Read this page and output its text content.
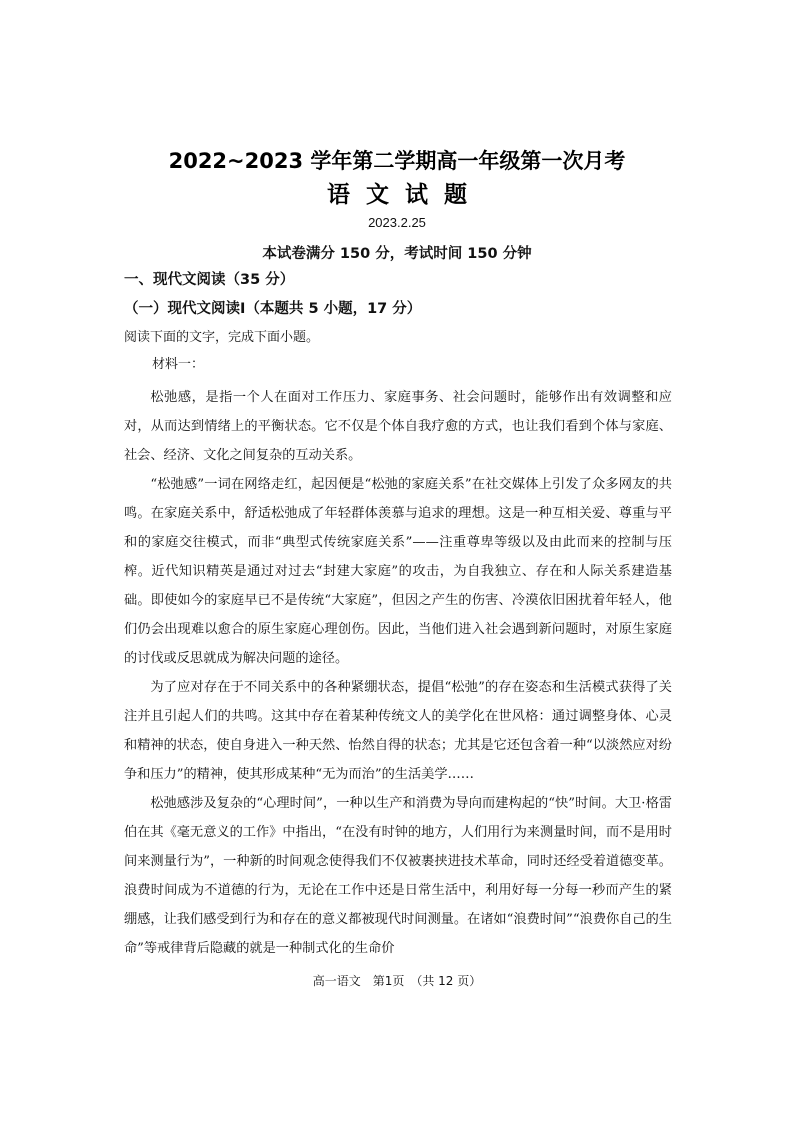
2022~2023 学年第二学期高一年级第一次月考
语文试题
2023.2.25
本试卷满分 150 分，考试时间 150 分钟
一、现代文阅读（35 分）
（一）现代文阅读Ⅰ（本题共 5 小题，17 分）
阅读下面的文字，完成下面小题。
材料一：

松弛感，是指一个人在面对工作压力、家庭事务、社会问题时，能够作出有效调整和应对，从而达到情绪上的平衡状态。它不仅是个体自我疗愈的方式，也让我们看到个体与家庭、社会、经济、文化之间复杂的互动关系。

“松弛感”一词在网络走红，起因便是“松弛的家庭关系”在社交媒体上引发了众多网友的共鸣。在家庭关系中，舒适松弛成了年轻群体羡慕与追求的理想。这是一种互相关爱、尊重与平和的家庭交往模式，而非“典型式传统家庭关系”——注重尊卑等级以及由此而来的控制与压榨。近代知识精英是通过对过去“封建大家庭”的攻击，为自我独立、存在和人际关系建造基础。即使如今的家庭早已不是传统“大家庭”，但因之产生的伤害、冷漠依旧困扰着年轻人，他们仍会出现难以愈合的原生家庭心理创伤。因此，当他们进入社会遇到新问题时，对原生家庭的讨伐或反思就成为解决问题的途径。

为了应对存在于不同关系中的各种紧绷状态，提倡“松弛”的存在姿态和生活模式获得了关注并且引起人们的共鸣。这其中存在着某种传统文人的美学化在世风格：通过调整身体、心灵和精神的状态，使自身进入一种天然、怡然自得的状态；尤其是它还包含着一种“以淡然应对纷争和压力”的精神，使其形成某种“无为而治”的生活美学……

松弛感涉及复杂的“心理时间”，一种以生产和消费为导向而建构起的“快”时间。大卫·格雷伯在其《毫无意义的工作》中指出，“在没有时钟的地方，人们用行为来测量时间，而不是用时间来测量行为”，一种新的时间观念使得我们不仅被裹挟进技术革命，同时还经受着道德变革。浪费时间成为不道德的行为，无论在工作中还是日常生活中，利用好每一分每一秒而产生的紧绷感，让我们感受到行为和存在的意义都被现代时间测量。在诸如“浪费时间”“浪费你自己的生命”等戒律背后隐藏的就是一种制式化的生命价

高一语文　第1页　（共 12 页）
